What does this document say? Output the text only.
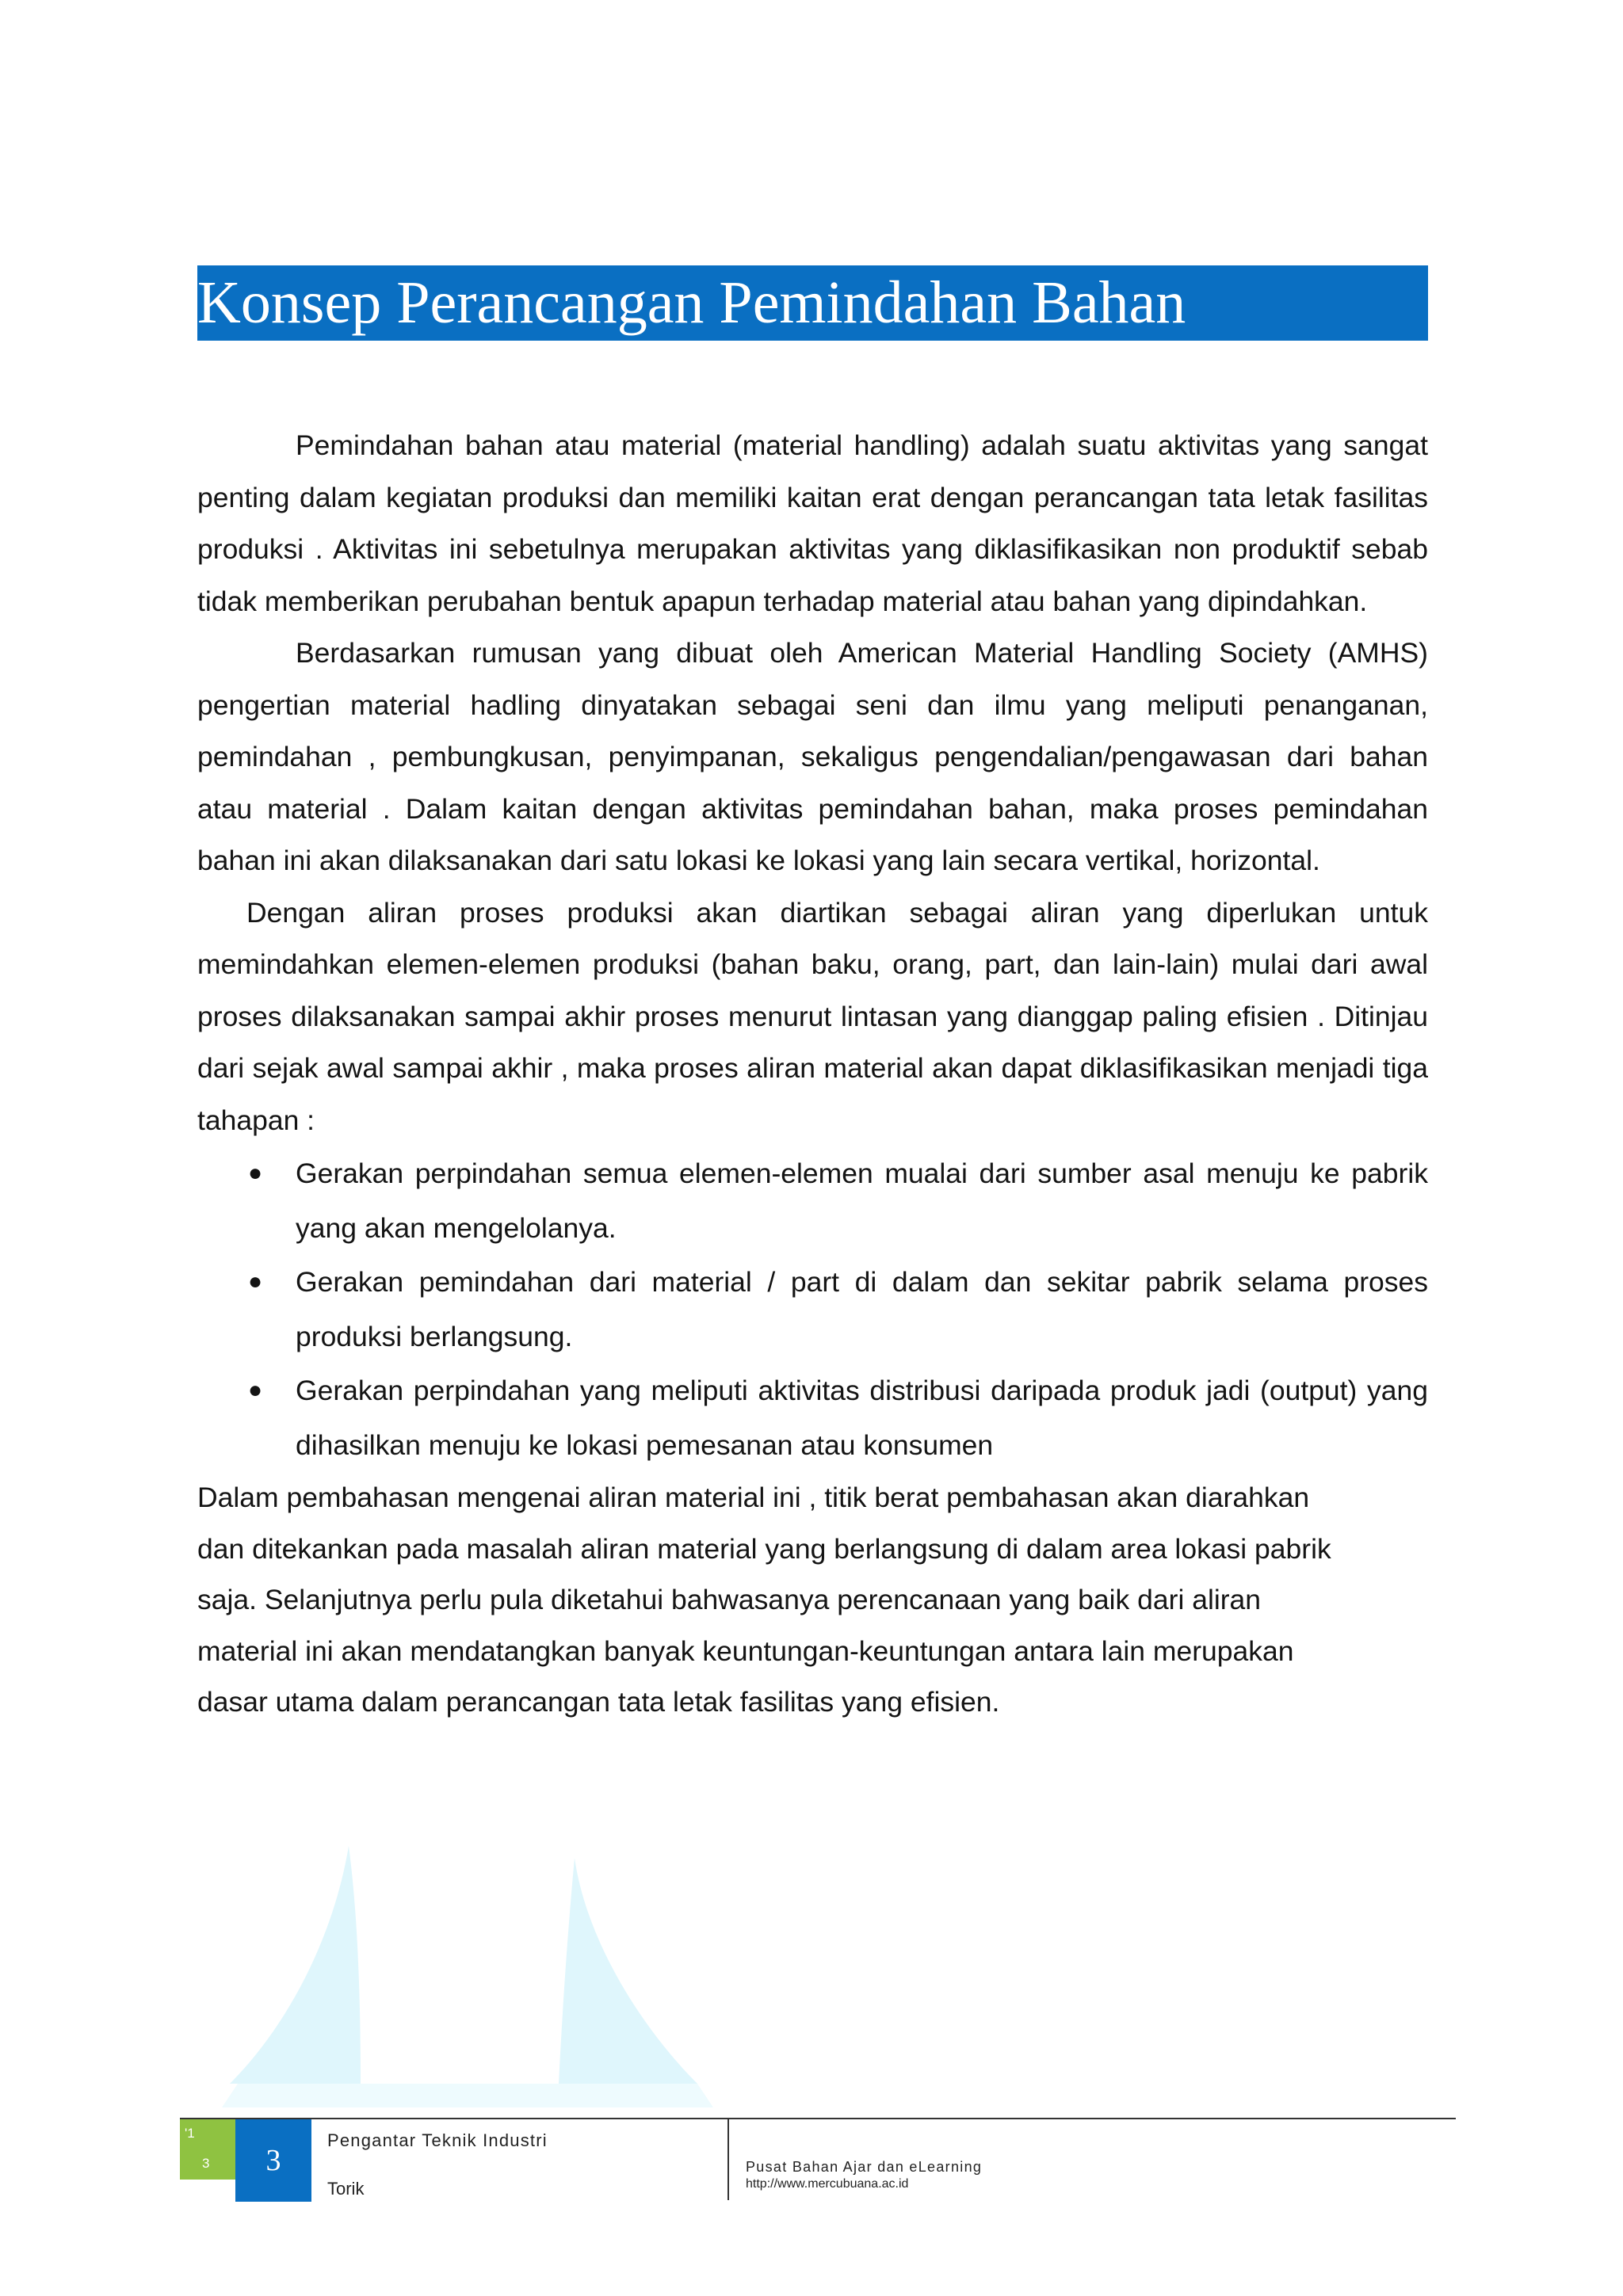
Konsep Perancangan Pemindahan Bahan

Pemindahan bahan atau material (material handling) adalah suatu aktivitas yang sangat penting dalam kegiatan produksi dan memiliki kaitan erat dengan perancangan tata letak fasilitas produksi . Aktivitas ini sebetulnya merupakan aktivitas yang diklasifikasikan non produktif sebab tidak memberikan perubahan bentuk apapun terhadap material atau bahan yang dipindahkan.

Berdasarkan rumusan yang dibuat oleh American Material Handling Society (AMHS) pengertian material hadling dinyatakan sebagai seni dan ilmu yang meliputi penanganan, pemindahan , pembungkusan, penyimpanan, sekaligus pengendalian/pengawasan dari bahan atau material . Dalam kaitan dengan aktivitas pemindahan bahan, maka proses pemindahan bahan ini akan dilaksanakan dari satu lokasi ke lokasi yang lain secara vertikal, horizontal.

Dengan aliran proses produksi akan diartikan sebagai aliran yang diperlukan untuk memindahkan elemen-elemen produksi (bahan baku, orang, part, dan lain-lain) mulai dari awal proses dilaksanakan sampai akhir proses menurut lintasan yang dianggap paling efisien . Ditinjau dari sejak awal sampai akhir , maka proses aliran material akan dapat diklasifikasikan menjadi tiga tahapan :

● Gerakan perpindahan semua elemen-elemen mualai dari sumber asal menuju ke pabrik yang akan mengelolanya.
● Gerakan pemindahan dari material / part di dalam dan sekitar pabrik selama proses produksi berlangsung.
● Gerakan perpindahan yang meliputi aktivitas distribusi daripada produk jadi (output) yang dihasilkan menuju ke lokasi pemesanan atau konsumen

Dalam pembahasan mengenai aliran material ini , titik berat pembahasan akan diarahkan
dan ditekankan pada masalah aliran material yang berlangsung di dalam area lokasi pabrik
saja. Selanjutnya perlu pula diketahui bahwasanya perencanaan yang baik dari aliran
material ini akan mendatangkan banyak keuntungan-keuntungan antara lain merupakan
dasar utama dalam perancangan tata letak fasilitas yang efisien.

'1
3	3
Pengantar Teknik Industri
Torik
Pusat Bahan Ajar dan eLearning
http://www.mercubuana.ac.id
